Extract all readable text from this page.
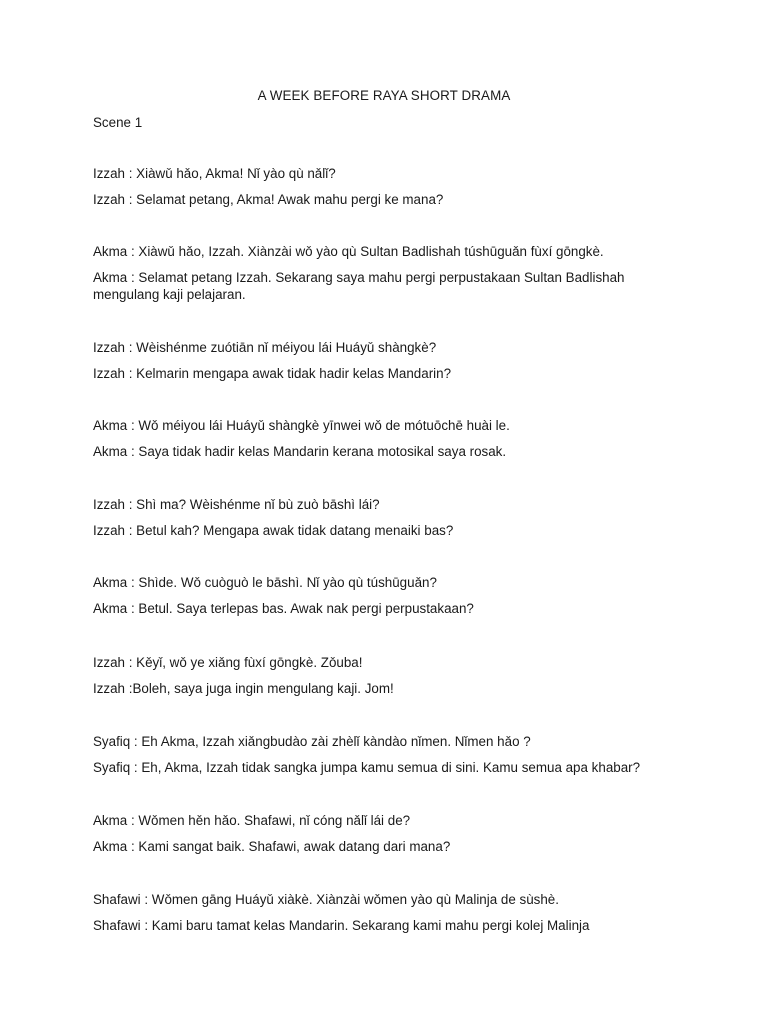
A WEEK BEFORE RAYA SHORT DRAMA

Scene 1

Izzah : Xiàwǔ hǎo, Akma! Nǐ yào qù nǎlǐ?

Izzah : Selamat petang, Akma! Awak mahu pergi ke mana?

Akma : Xiàwǔ hǎo, Izzah. Xiànzài wǒ yào qù Sultan Badlishah túshūguǎn fùxí gōngkè.

Akma : Selamat petang Izzah. Sekarang saya mahu pergi perpustakaan Sultan Badlishah mengulang kaji pelajaran.

Izzah : Wèishénme zuótiān nǐ méiyou lái Huáyǔ shàngkè?

Izzah : Kelmarin mengapa awak tidak hadir kelas Mandarin?

Akma : Wǒ méiyou lái Huáyǔ shàngkè yīnwei wǒ de mótuōchē huài le.

Akma : Saya tidak hadir kelas Mandarin kerana motosikal saya rosak.

Izzah : Shì ma? Wèishénme nǐ bù zuò bāshì lái?

Izzah : Betul kah? Mengapa awak tidak datang menaiki bas?

Akma : Shìde. Wǒ cuòguò le bāshì. Nǐ yào qù túshūguǎn?

Akma : Betul. Saya terlepas bas. Awak nak pergi perpustakaan?

Izzah : Kěyǐ, wǒ ye xiǎng fùxí gōngkè. Zǒuba!

Izzah :Boleh, saya juga ingin mengulang kaji. Jom!

Syafiq : Eh Akma, Izzah xiǎngbudào zài zhèlǐ kàndào nǐmen. Nǐmen hǎo ?

Syafiq : Eh, Akma, Izzah tidak sangka jumpa kamu semua di sini. Kamu semua apa khabar?

Akma : Wǒmen hěn hǎo. Shafawi, nǐ cóng nǎlǐ lái de?

Akma : Kami sangat baik. Shafawi, awak datang dari mana?

Shafawi : Wǒmen gāng Huáyǔ xiàkè. Xiànzài wǒmen yào qù Malinja de sùshè.

Shafawi : Kami baru tamat kelas Mandarin. Sekarang kami mahu pergi kolej Malinja
